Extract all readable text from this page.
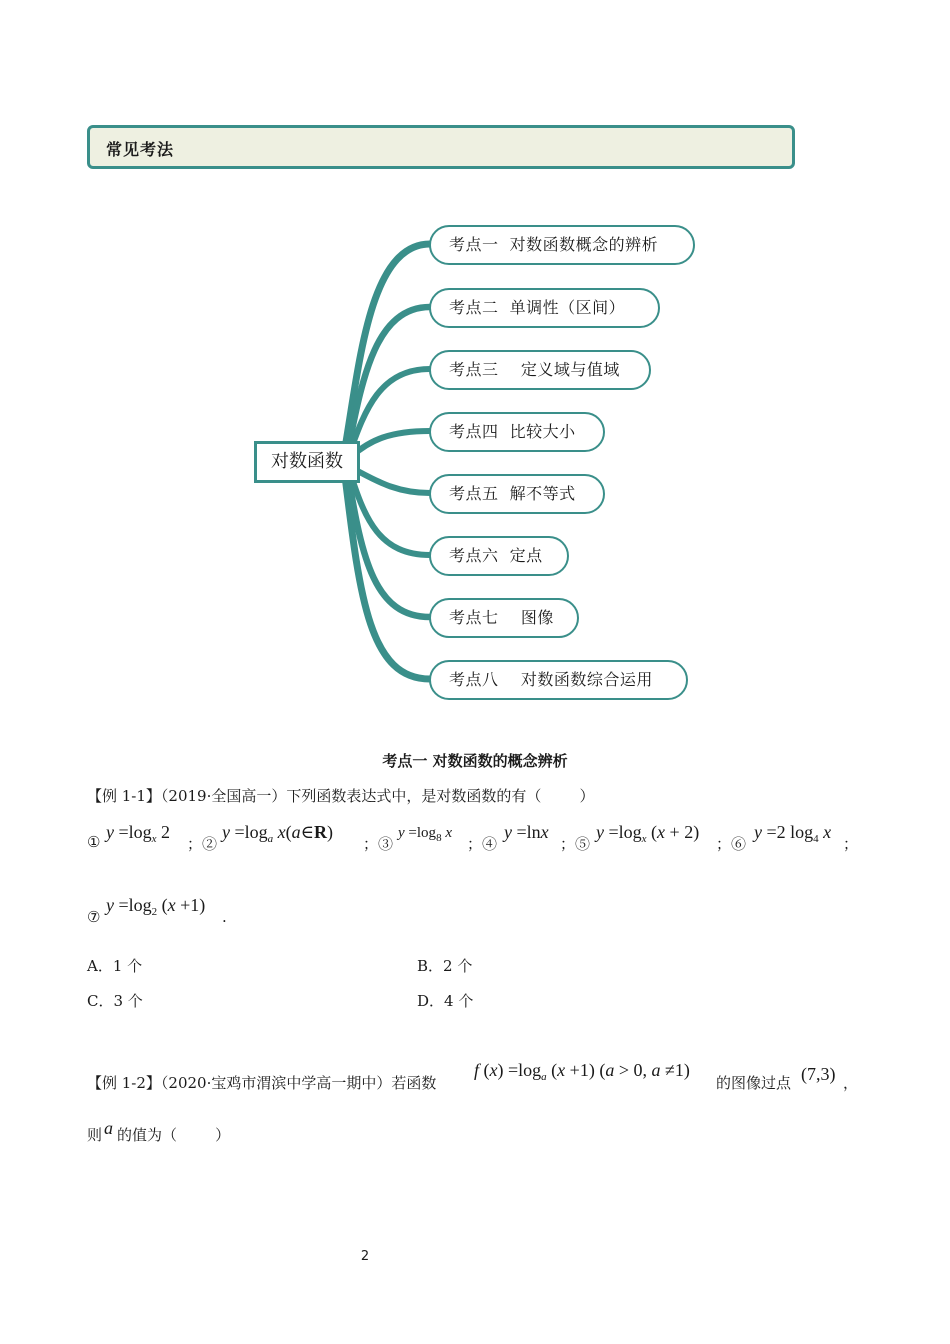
常见考法
对数函数
考点一  对数函数概念的辨析
考点二  单调性（区间）
考点三    定义域与值域
考点四  比较大小
考点五  解不等式
考点六  定点
考点七    图像
考点八    对数函数综合运用
考点一 对数函数的概念辨析
【例 1-1】（2019·全国高一）下列函数表达式中，是对数函数的有（        ）
① $y =\log_x$ 2
；②
$y =\log_a$ x(a∈R)
；③
$y =\log_8$ x
；④
y =lnx
；⑤
$y =\log_x$ (x + 2)
；⑥
y =2 $\log_4 x$
；
⑦
$y =\log_2$ (x +1)
.
A．1 个	B．2 个
C．3 个	D．4 个
【例 1-2】（2020·宝鸡市渭滨中学高一期中）若函数
f $(x) =\log_a$ (x +1) (a > 0, a ≠1)
的图像过点 (7,3) ，
则 a 的值为（        ）
2
